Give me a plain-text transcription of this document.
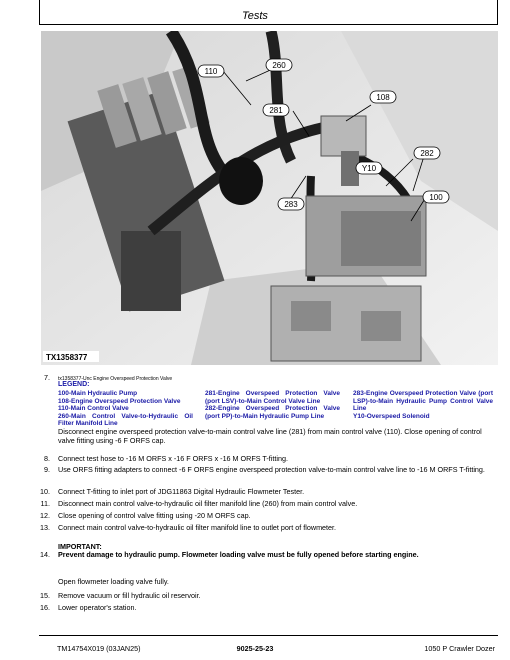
Tests
110
260
281
108
282
Y10
100
283
TX1358377
7. tx1358377-Unc Engine Overspeed Protection Valve
LEGEND:
100-Main Hydraulic Pump
108-Engine Overspeed Protection Valve
110-Main Control Valve
260-Main Control Valve-to-Hydraulic Oil Filter Manifold Line
281-Engine Overspeed Protection Valve (port LSV)-to-Main Control Valve Line
282-Engine Overspeed Protection Valve (port PP)-to-Main Hydraulic Pump Line
283-Engine Overspeed Protection Valve (port LSP)-to-Main Hydraulic Pump Control Valve Line
Y10-Overspeed Solenoid
Disconnect engine overspeed protection valve-to-main control valve line (281) from main control valve (110). Close opening of control valve fitting using -6 F ORFS cap.
8. Connect test hose to -16 M ORFS x -16 F ORFS x -16 M ORFS T-fitting.
9. Use ORFS fitting adapters to connect -6 F ORFS engine overspeed protection valve-to-main control valve line to -16 M ORFS T-fitting.
10. Connect T-fitting to inlet port of JDG11863 Digital Hydraulic Flowmeter Tester.
11. Disconnect main control valve-to-hydraulic oil filter manifold line (260) from main control valve.
12. Close opening of control valve fitting using -20 M ORFS cap.
13. Connect main control valve-to-hydraulic oil filter manifold line to outlet port of flowmeter.
IMPORTANT:
14. Prevent damage to hydraulic pump. Flowmeter loading valve must be fully opened before starting engine.
Open flowmeter loading valve fully.
15. Remove vacuum or fill hydraulic oil reservoir.
16. Lower operator's station.
TM14754X019 (03JAN25)	9025-25-23	1050 P Crawler Dozer
